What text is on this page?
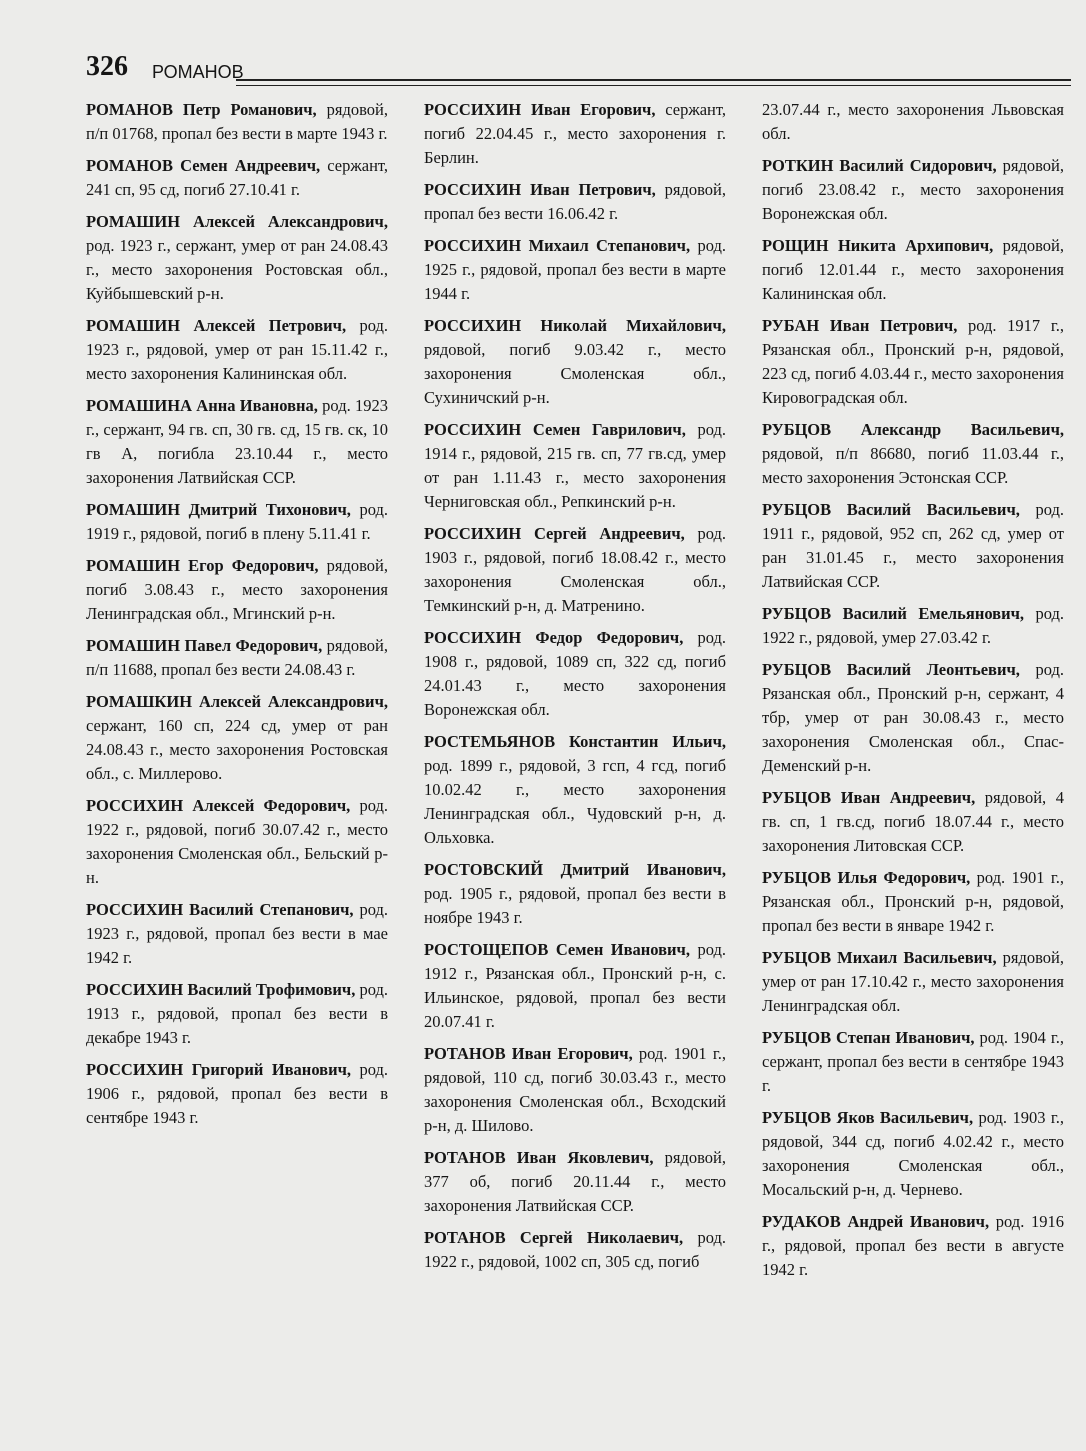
326 РОМАНОВ

РОМАНОВ Петр Романович, рядовой, п/п 01768, пропал без вести в марте 1943 г.

РОМАНОВ Семен Андреевич, сержант, 241 сп, 95 сд, погиб 27.10.41 г.

РОМАШИН Алексей Александрович, род. 1923 г., сержант, умер от ран 24.08.43 г., место захоронения Ростовская обл., Куйбышевский р-н.

РОМАШИН Алексей Петрович, род. 1923 г., рядовой, умер от ран 15.11.42 г., место захоронения Калининская обл.

РОМАШИНА Анна Ивановна, род. 1923 г., сержант, 94 гв. сп, 30 гв. сд, 15 гв. ск, 10 гв А, погибла 23.10.44 г., место захоронения Латвийская ССР.

РОМАШИН Дмитрий Тихонович, род. 1919 г., рядовой, погиб в плену 5.11.41 г.

РОМАШИН Егор Федорович, рядовой, погиб 3.08.43 г., место захоронения Ленинградская обл., Мгинский р-н.

РОМАШИН Павел Федорович, рядовой, п/п 11688, пропал без вести 24.08.43 г.

РОМАШКИН Алексей Александрович, сержант, 160 сп, 224 сд, умер от ран 24.08.43 г., место захоронения Ростовская обл., с. Миллерово.

РОССИХИН Алексей Федорович, род. 1922 г., рядовой, погиб 30.07.42 г., место захоронения Смоленская обл., Бельский р-н.

РОССИХИН Василий Степанович, род. 1923 г., рядовой, пропал без вести в мае 1942 г.

РОССИХИН Василий Трофимович, род. 1913 г., рядовой, пропал без вести в декабре 1943 г.

РОССИХИН Григорий Иванович, род. 1906 г., рядовой, пропал без вести в сентябре 1943 г.

РОССИХИН Иван Егорович, сержант, погиб 22.04.45 г., место захоронения г. Берлин.

РОССИХИН Иван Петрович, рядовой, пропал без вести 16.06.42 г.

РОССИХИН Михаил Степанович, род. 1925 г., рядовой, пропал без вести в марте 1944 г.

РОССИХИН Николай Михайлович, рядовой, погиб 9.03.42 г., место захоронения Смоленская обл., Сухиничский р-н.

РОССИХИН Семен Гаврилович, род. 1914 г., рядовой, 215 гв. сп, 77 гв.сд, умер от ран 1.11.43 г., место захоронения Черниговская обл., Репкинский р-н.

РОССИХИН Сергей Андреевич, род. 1903 г., рядовой, погиб 18.08.42 г., место захоронения Смоленская обл., Темкинский р-н, д. Матренино.

РОССИХИН Федор Федорович, род. 1908 г., рядовой, 1089 сп, 322 сд, погиб 24.01.43 г., место захоронения Воронежская обл.

РОСТЕМЬЯНОВ Константин Ильич, род. 1899 г., рядовой, 3 гсп, 4 гсд, погиб 10.02.42 г., место захоронения Ленинградская обл., Чудовский р-н, д. Ольховка.

РОСТОВСКИЙ Дмитрий Иванович, род. 1905 г., рядовой, пропал без вести в ноябре 1943 г.

РОСТОЩЕПОВ Семен Иванович, род. 1912 г., Рязанская обл., Пронский р-н, с. Ильинское, рядовой, пропал без вести 20.07.41 г.

РОТАНОВ Иван Егорович, род. 1901 г., рядовой, 110 сд, погиб 30.03.43 г., место захоронения Смоленская обл., Всходский р-н, д. Шилово.

РОТАНОВ Иван Яковлевич, рядовой, 377 об, погиб 20.11.44 г., место захоронения Латвийская ССР.

РОТАНОВ Сергей Николаевич, род. 1922 г., рядовой, 1002 сп, 305 сд, погиб

23.07.44 г., место захоронения Львовская обл.

РОТКИН Василий Сидорович, рядовой, погиб 23.08.42 г., место захоронения Воронежская обл.

РОЩИН Никита Архипович, рядовой, погиб 12.01.44 г., место захоронения Калининская обл.

РУБАН Иван Петрович, род. 1917 г., Рязанская обл., Пронский р-н, рядовой, 223 сд, погиб 4.03.44 г., место захоронения Кировоградская обл.

РУБЦОВ Александр Васильевич, рядовой, п/п 86680, погиб 11.03.44 г., место захоронения Эстонская ССР.

РУБЦОВ Василий Васильевич, род. 1911 г., рядовой, 952 сп, 262 сд, умер от ран 31.01.45 г., место захоронения Латвийская ССР.

РУБЦОВ Василий Емельянович, род. 1922 г., рядовой, умер 27.03.42 г.

РУБЦОВ Василий Леонтьевич, род. Рязанская обл., Пронский р-н, сержант, 4 тбр, умер от ран 30.08.43 г., место захоронения Смоленская обл., Спас-Деменский р-н.

РУБЦОВ Иван Андреевич, рядовой, 4 гв. сп, 1 гв.сд, погиб 18.07.44 г., место захоронения Литовская ССР.

РУБЦОВ Илья Федорович, род. 1901 г., Рязанская обл., Пронский р-н, рядовой, пропал без вести в январе 1942 г.

РУБЦОВ Михаил Васильевич, рядовой, умер от ран 17.10.42 г., место захоронения Ленинградская обл.

РУБЦОВ Степан Иванович, род. 1904 г., сержант, пропал без вести в сентябре 1943 г.

РУБЦОВ Яков Васильевич, род. 1903 г., рядовой, 344 сд, погиб 4.02.42 г., место захоронения Смоленская обл., Мосальский р-н, д. Чернево.

РУДАКОВ Андрей Иванович, род. 1916 г., рядовой, пропал без вести в августе 1942 г.
